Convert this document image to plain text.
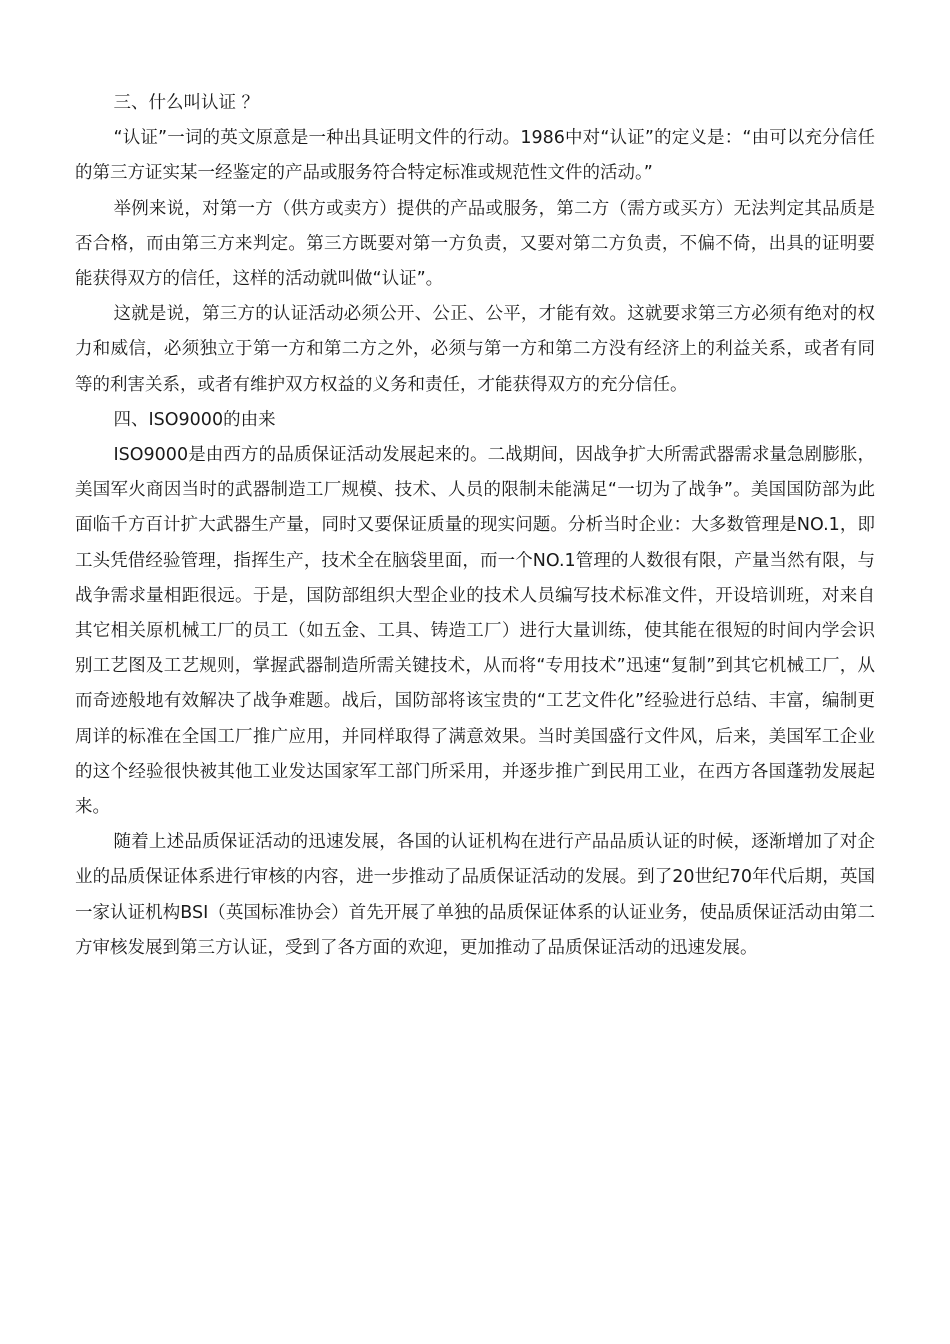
三、什么叫认证 ？

“认证”一词的英文原意是一种出具证明文件的行动。1986中对“认证”的定义是：“由可以充分信任的第三方证实某一经鉴定的产品或服务符合特定标准或规范性文件的活动。”

举例来说，对第一方（供方或卖方）提供的产品或服务，第二方（需方或买方）无法判定其品质是否合格，而由第三方来判定。第三方既要对第一方负责，又要对第二方负责，不偏不倚，出具的证明要能获得双方的信任，这样的活动就叫做“认证”。

这就是说，第三方的认证活动必须公开、公正、公平，才能有效。这就要求第三方必须有绝对的权力和威信，必须独立于第一方和第二方之外，必须与第一方和第二方没有经济上的利益关系，或者有同等的利害关系，或者有维护双方权益的义务和责任，才能获得双方的充分信任。

四、ISO9000的由来

ISO9000是由西方的品质保证活动发展起来的。二战期间，因战争扩大所需武器需求量急剧膨胀，美国军火商因当时的武器制造工厂规模、技术、人员的限制未能满足“一切为了战争”。美国国防部为此面临千方百计扩大武器生产量，同时又要保证质量的现实问题。分析当时企业：大多数管理是NO.1，即工头凭借经验管理，指挥生产，技术全在脑袋里面，而一个NO.1管理的人数很有限，产量当然有限，与战争需求量相距很远。于是，国防部组织大型企业的技术人员编写技术标准文件，开设培训班，对来自其它相关原机械工厂的员工（如五金、工具、铸造工厂）进行大量训练，使其能在很短的时间内学会识别工艺图及工艺规则，掌握武器制造所需关键技术，从而将“专用技术”迅速“复制”到其它机械工厂，从而奇迹般地有效解决了战争难题。战后，国防部将该宝贵的“工艺文件化”经验进行总结、丰富，编制更周详的标准在全国工厂推广应用，并同样取得了满意效果。当时美国盛行文件风，后来，美国军工企业的这个经验很快被其他工业发达国家军工部门所采用，并逐步推广到民用工业，在西方各国蓬勃发展起来。

随着上述品质保证活动的迅速发展，各国的认证机构在进行产品品质认证的时候，逐渐增加了对企业的品质保证体系进行审核的内容，进一步推动了品质保证活动的发展。到了20世纪70年代后期，英国一家认证机构BSI（英国标准协会）首先开展了单独的品质保证体系的认证业务，使品质保证活动由第二方审核发展到第三方认证，受到了各方面的欢迎，更加推动了品质保证活动的迅速发展。
